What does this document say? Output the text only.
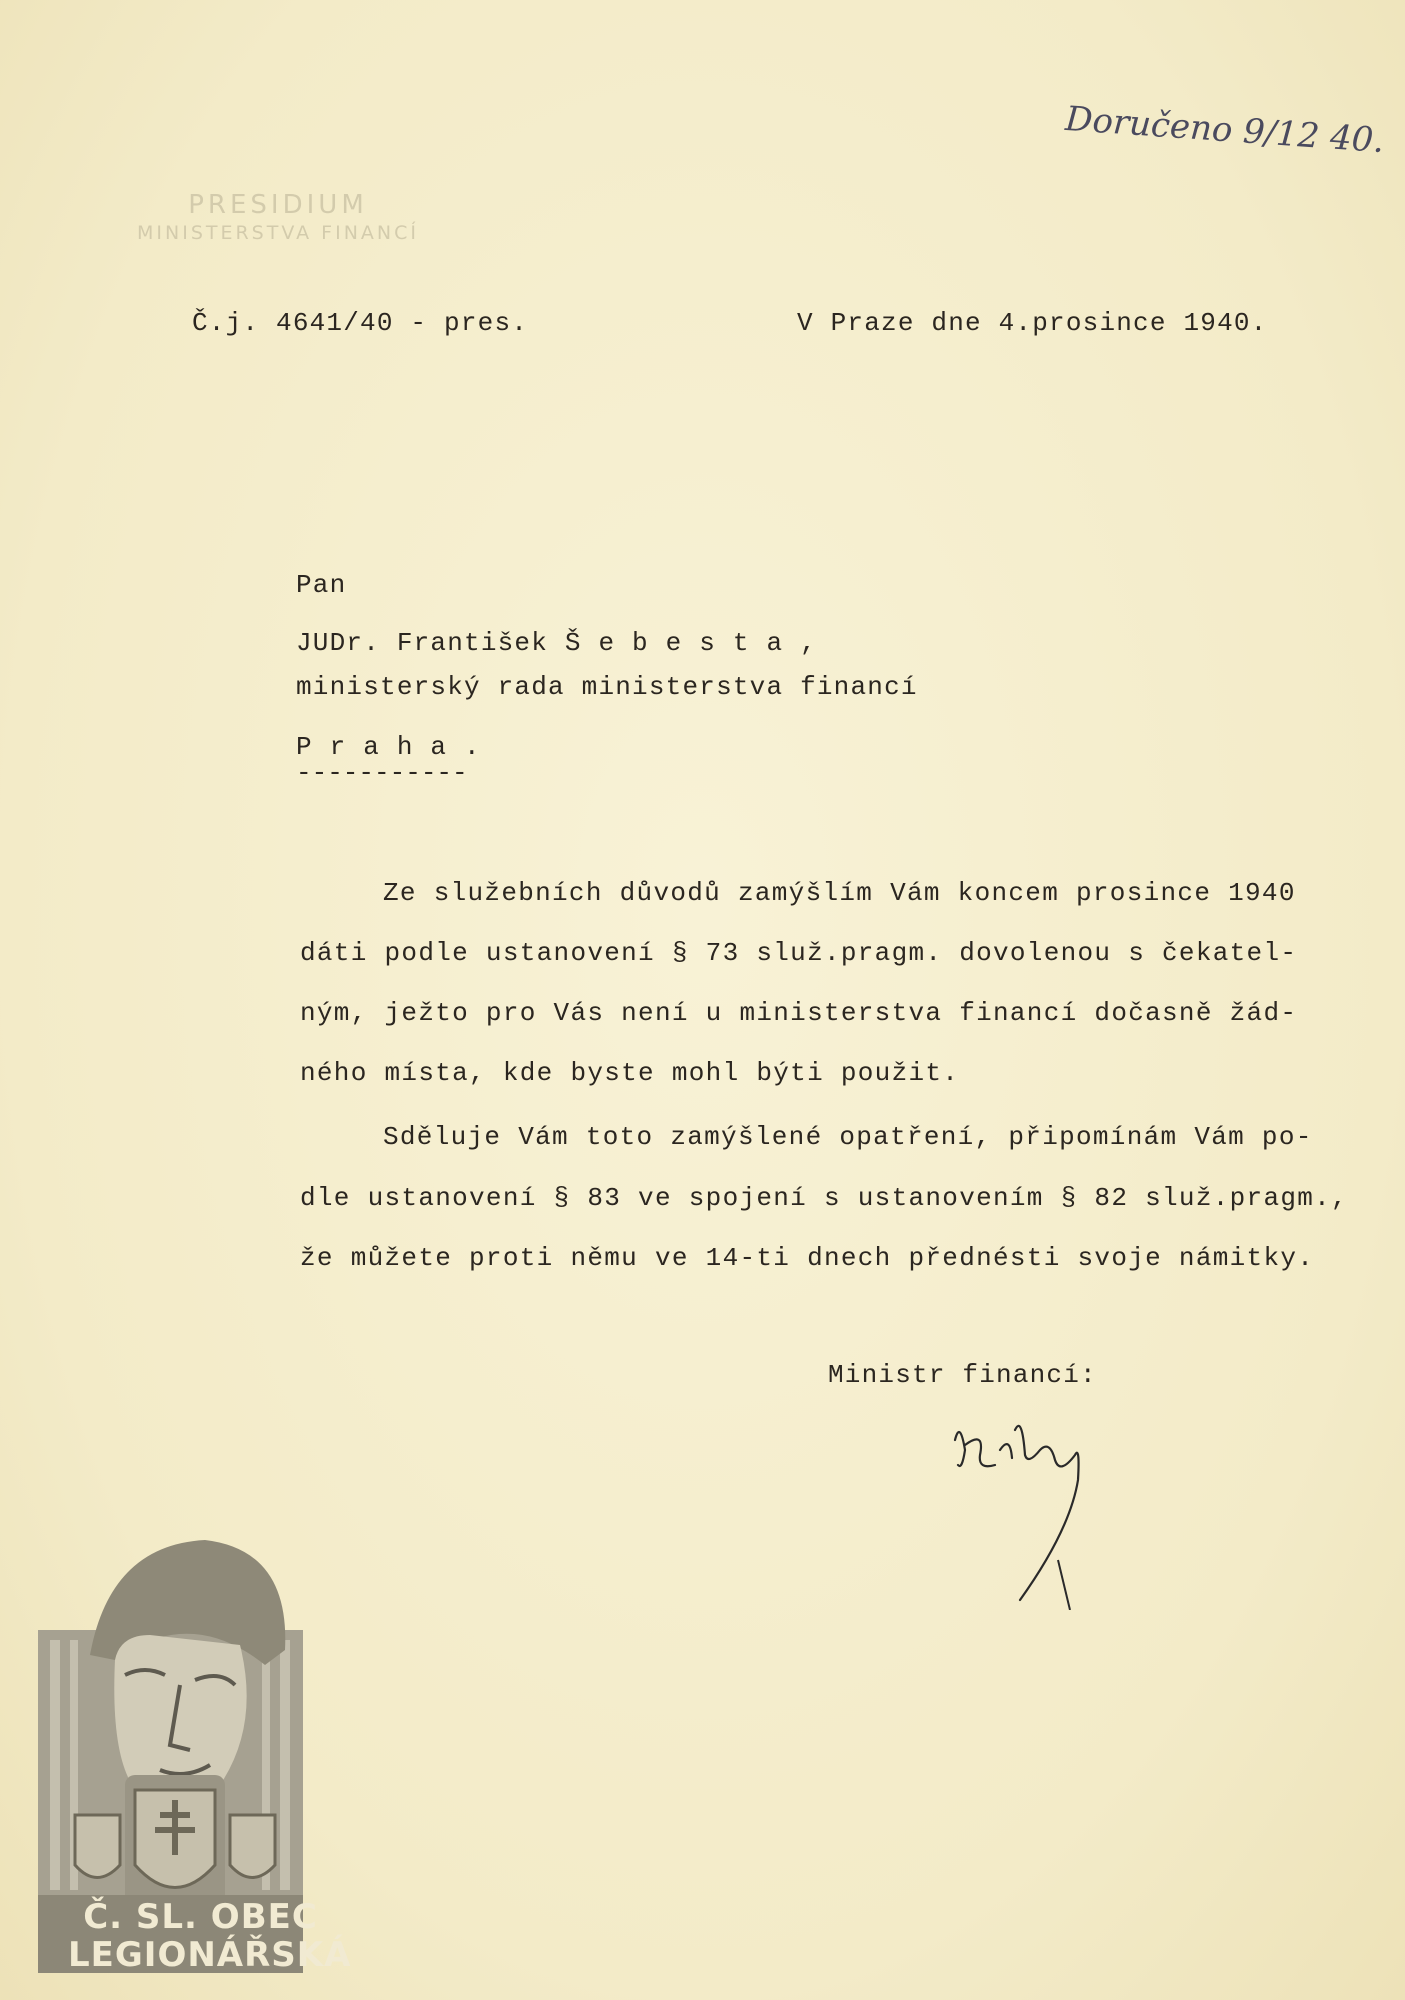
Doručeno 9/12 40.
PRESIDIUM
MINISTERSTVA FINANCÍ
Č.j. 4641/40 - pres.	V Praze dne 4.prosince 1940.
Pan
JUDr. František Š e b e s t a ,
ministerský rada ministerstva financí
P r a h a .
-----------
Ze služebních důvodů zamýšlím Vám koncem prosince 1940
dáti podle ustanovení § 73 služ.pragm. dovolenou s čekatel-
ným, ježto pro Vás není u ministerstva financí dočasně žád-
ného místa, kde byste mohl býti použit.
Sděluje Vám toto zamýšlené opatření, připomínám Vám po-
dle ustanovení § 83 ve spojení s ustanovením § 82 služ.pragm.,
že můžete proti němu ve 14-ti dnech přednésti svoje námitky.
Ministr financí:
Č. SL. OBEC
LEGIONÁŘSKÁ
